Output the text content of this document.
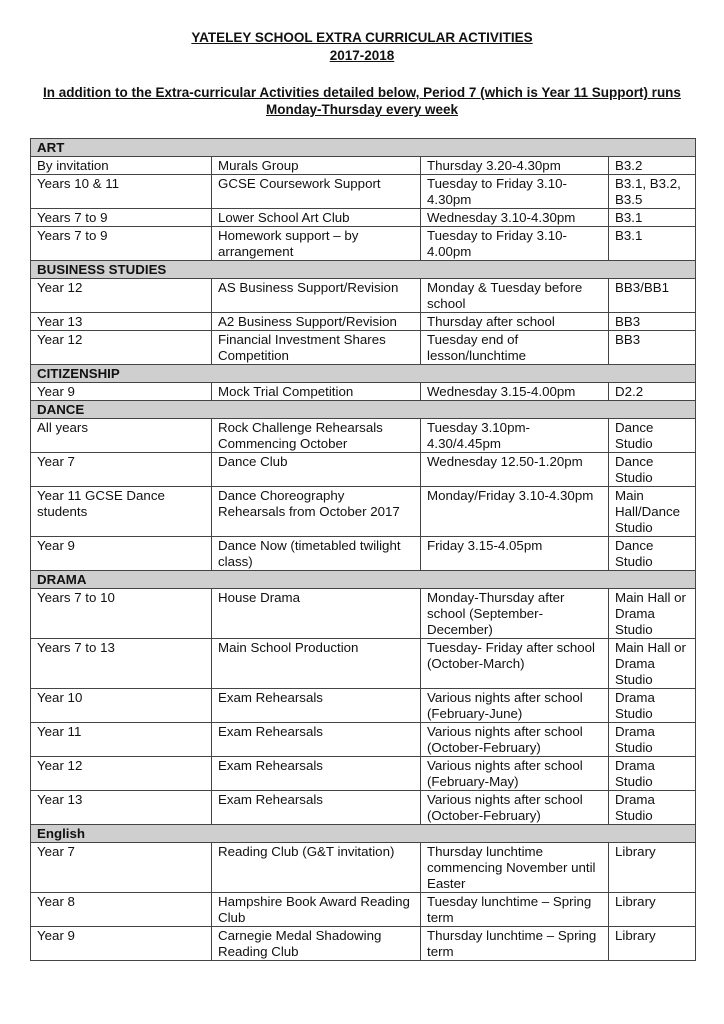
YATELEY SCHOOL EXTRA CURRICULAR ACTIVITIES
2017-2018
In addition to the Extra-curricular Activities detailed below, Period 7 (which is Year 11 Support) runs Monday-Thursday every week
ART			
By invitation	Murals Group	Thursday 3.20-4.30pm	B3.2
Years 10 & 11	GCSE Coursework Support	Tuesday to Friday 3.10-4.30pm	B3.1, B3.2, B3.5
Years 7 to 9	Lower School Art Club	Wednesday 3.10-4.30pm	B3.1
Years 7 to 9	Homework support – by arrangement	Tuesday to Friday 3.10-4.00pm	B3.1
BUSINESS STUDIES			
Year 12	AS Business Support/Revision	Monday & Tuesday before school	BB3/BB1
Year 13	A2 Business Support/Revision	Thursday after school	BB3
Year 12	Financial Investment Shares Competition	Tuesday end of lesson/lunchtime	BB3
CITIZENSHIP			
Year 9	Mock Trial Competition	Wednesday 3.15-4.00pm	D2.2
DANCE			
All years	Rock Challenge Rehearsals Commencing October	Tuesday 3.10pm-4.30/4.45pm	Dance Studio
Year 7	Dance Club	Wednesday 12.50-1.20pm	Dance Studio
Year 11 GCSE Dance students	Dance Choreography Rehearsals from October 2017	Monday/Friday 3.10-4.30pm	Main Hall/Dance Studio
Year 9	Dance Now (timetabled twilight class)	Friday 3.15-4.05pm	Dance Studio
DRAMA			
Years 7 to 10	House Drama	Monday-Thursday after school (September-December)	Main Hall or Drama Studio
Years 7 to 13	Main School Production	Tuesday- Friday after school (October-March)	Main Hall or Drama Studio
Year 10	Exam Rehearsals	Various nights after school (February-June)	Drama Studio
Year 11	Exam Rehearsals	Various nights after school (October-February)	Drama Studio
Year 12	Exam Rehearsals	Various nights after school (February-May)	Drama Studio
Year 13	Exam Rehearsals	Various nights after school (October-February)	Drama Studio
English			
Year 7	Reading Club (G&T invitation)	Thursday lunchtime commencing November until Easter	Library
Year 8	Hampshire Book Award Reading Club	Tuesday lunchtime – Spring term	Library
Year 9	Carnegie Medal Shadowing Reading Club	Thursday lunchtime – Spring term	Library
